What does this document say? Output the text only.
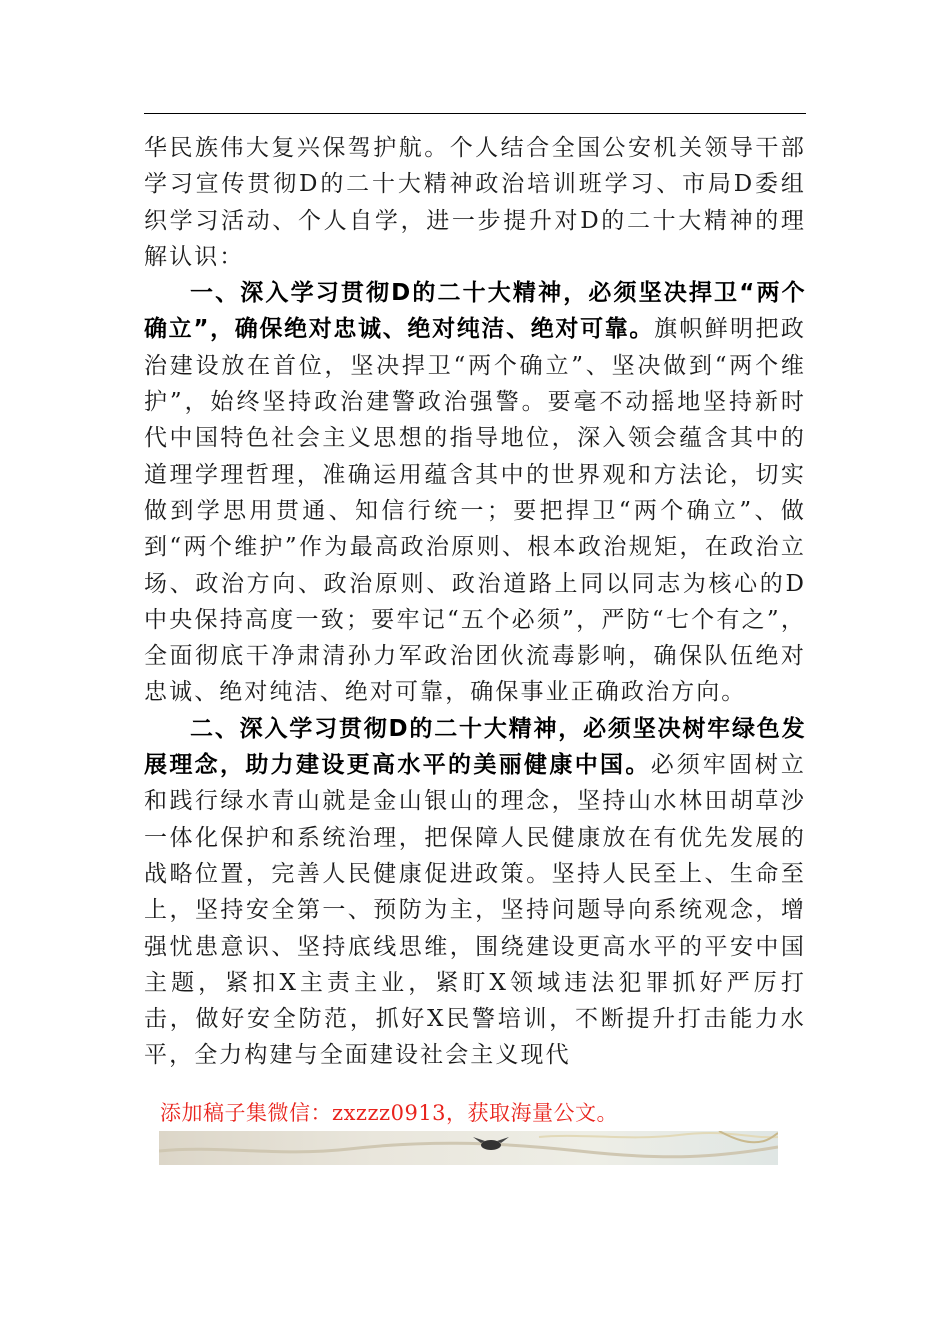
华民族伟大复兴保驾护航。个人结合全国公安机关领导干部学习宣传贯彻D的二十大精神政治培训班学习、市局D委组织学习活动、个人自学，进一步提升对D的二十大精神的理解认识：

一、深入学习贯彻D的二十大精神，必须坚决捍卫“两个确立”，确保绝对忠诚、绝对纯洁、绝对可靠。旗帜鲜明把政治建设放在首位，坚决捍卫“两个确立”、坚决做到“两个维护”，始终坚持政治建警政治强警。要毫不动摇地坚持新时代中国特色社会主义思想的指导地位，深入领会蕴含其中的道理学理哲理，准确运用蕴含其中的世界观和方法论，切实做到学思用贯通、知信行统一；要把捍卫“两个确立”、做到“两个维护”作为最高政治原则、根本政治规矩，在政治立场、政治方向、政治原则、政治道路上同以同志为核心的D中央保持高度一致；要牢记“五个必须”，严防“七个有之”，全面彻底干净肃清孙力军政治团伙流毒影响，确保队伍绝对忠诚、绝对纯洁、绝对可靠，确保事业正确政治方向。

二、深入学习贯彻D的二十大精神，必须坚决树牢绿色发展理念，助力建设更高水平的美丽健康中国。必须牢固树立和践行绿水青山就是金山银山的理念，坚持山水林田胡草沙一体化保护和系统治理，把保障人民健康放在有优先发展的战略位置，完善人民健康促进政策。坚持人民至上、生命至上，坚持安全第一、预防为主，坚持问题导向系统观念，增强忧患意识、坚持底线思维，围绕建设更高水平的平安中国主题，紧扣X主责主业，紧盯X领域违法犯罪抓好严厉打击，做好安全防范，抓好X民警培训，不断提升打击能力水平，全力构建与全面建设社会主义现代

添加稿子集微信：zxzzz0913，获取海量公文。
